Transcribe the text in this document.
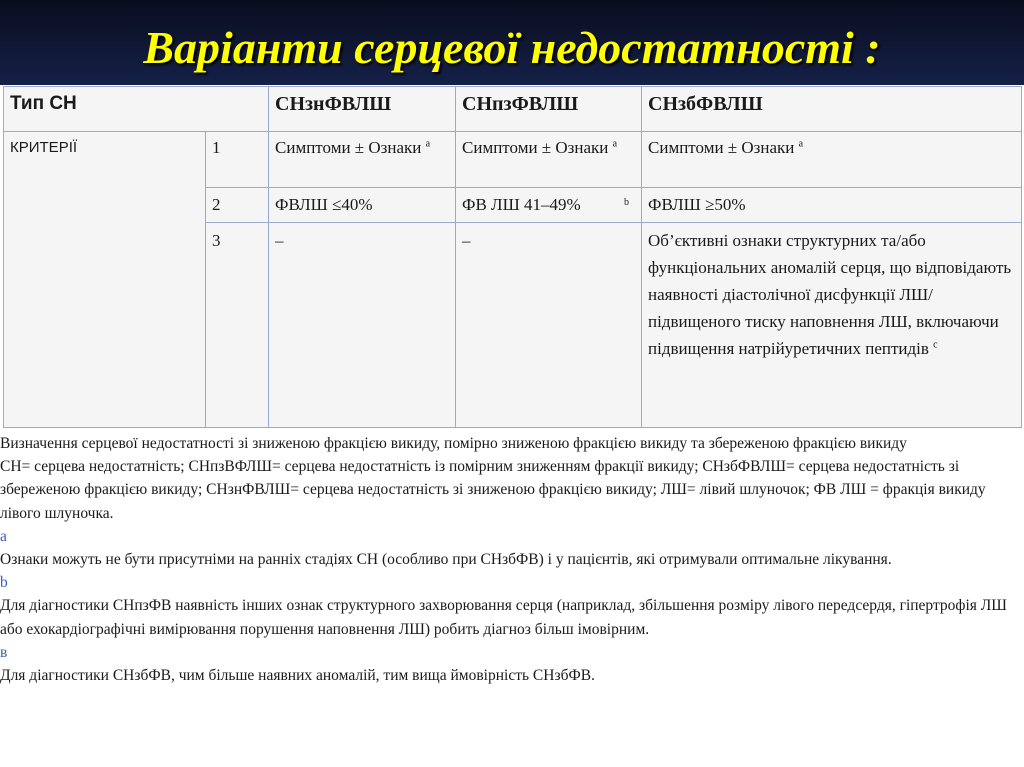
Варіанти серцевої недостатності :
Тип СН		СНзнФВЛШ	СНпзФВЛШ	СНзбФВЛШ
КРИТЕРІЇ	1	Симптоми ± Ознаки $^a$	Симптоми ± Ознаки $^a$	Симптоми ± Ознаки $^a$
	2	ФВЛШ ≤40%	ФВ ЛШ 41–49% b	ФВЛШ ≥50%
	3	–	–	Об’єктивні ознаки структурних та/або функціональних аномалій серця, що відповідають наявності діастолічної дисфункції ЛШ/підвищеного тиску наповнення ЛШ, включаючи підвищення натрійуретичних пептидів $^c$

Визначення серцевої недостатності зі зниженою фракцією викиду, помірно зниженою фракцією викиду та збереженою фракцією викиду

СН= серцева недостатність; СНпзВФЛШ= серцева недостатність із помірним зниженням фракції викиду; СНзбФВЛШ= серцева недостатність зі збереженою фракцією викиду; СНзнФВЛШ= серцева недостатність зі зниженою фракцією викиду; ЛШ= лівий шлуночок; ФВ ЛШ = фракція викиду лівого шлуночка.

a

Ознаки можуть не бути присутніми на ранніх стадіях СН (особливо при СНзбФВ) і у пацієнтів, які отримували оптимальне лікування.

b

Для діагностики СНпзФВ наявність інших ознак структурного захворювання серця (наприклад, збільшення розміру лівого передсердя, гіпертрофія ЛШ або ехокардіографічні вимірювання порушення наповнення ЛШ) робить діагноз більш імовірним.

в

Для діагностики СНзбФВ, чим більше наявних аномалій, тим вища ймовірність СНзбФВ.
